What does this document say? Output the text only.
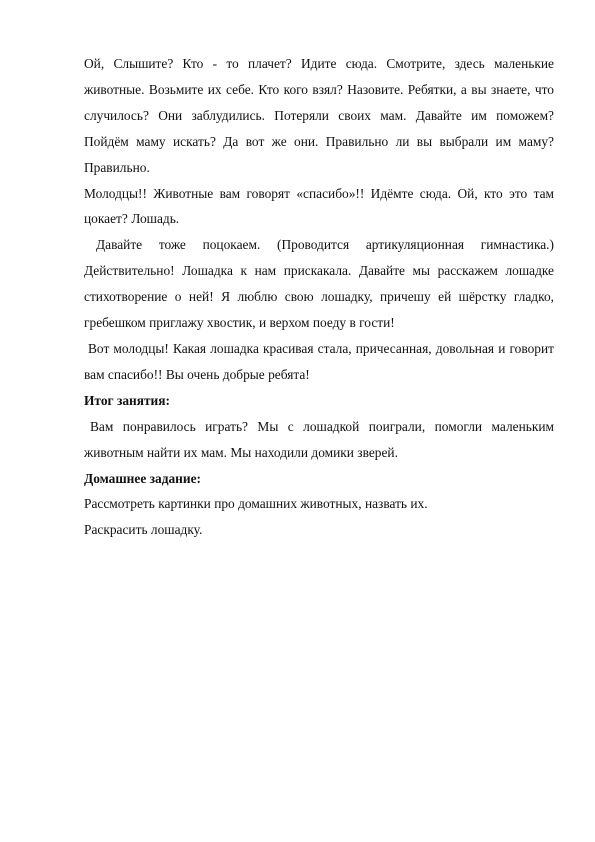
Ой, Слышите? Кто - то плачет? Идите сюда. Смотрите, здесь маленькие животные. Возьмите их себе. Кто кого взял? Назовите. Ребятки, а вы знаете, что случилось? Они заблудились. Потеряли своих мам. Давайте им поможем? Пойдём маму искать? Да вот же они. Правильно ли вы выбрали им маму? Правильно.

Молодцы!! Животные вам говорят «спасибо»!! Идёмте сюда. Ой, кто это там цокает? Лошадь.

Давайте тоже поцокаем. (Проводится артикуляционная гимнастика.) Действительно! Лошадка к нам прискакала. Давайте мы расскажем лошадке стихотворение о ней! Я люблю свою лошадку, причешу ей шёрстку гладко, гребешком приглажу хвостик, и верхом поеду в гости!

Вот молодцы! Какая лошадка красивая стала, причесанная, довольная и говорит вам спасибо!! Вы очень добрые ребята!

Итог занятия:

Вам понравилось играть? Мы с лошадкой поиграли, помогли маленьким животным найти их мам. Мы находили домики зверей.

Домашнее задание:

Рассмотреть картинки про домашних животных, назвать их.

Раскрасить лошадку.
